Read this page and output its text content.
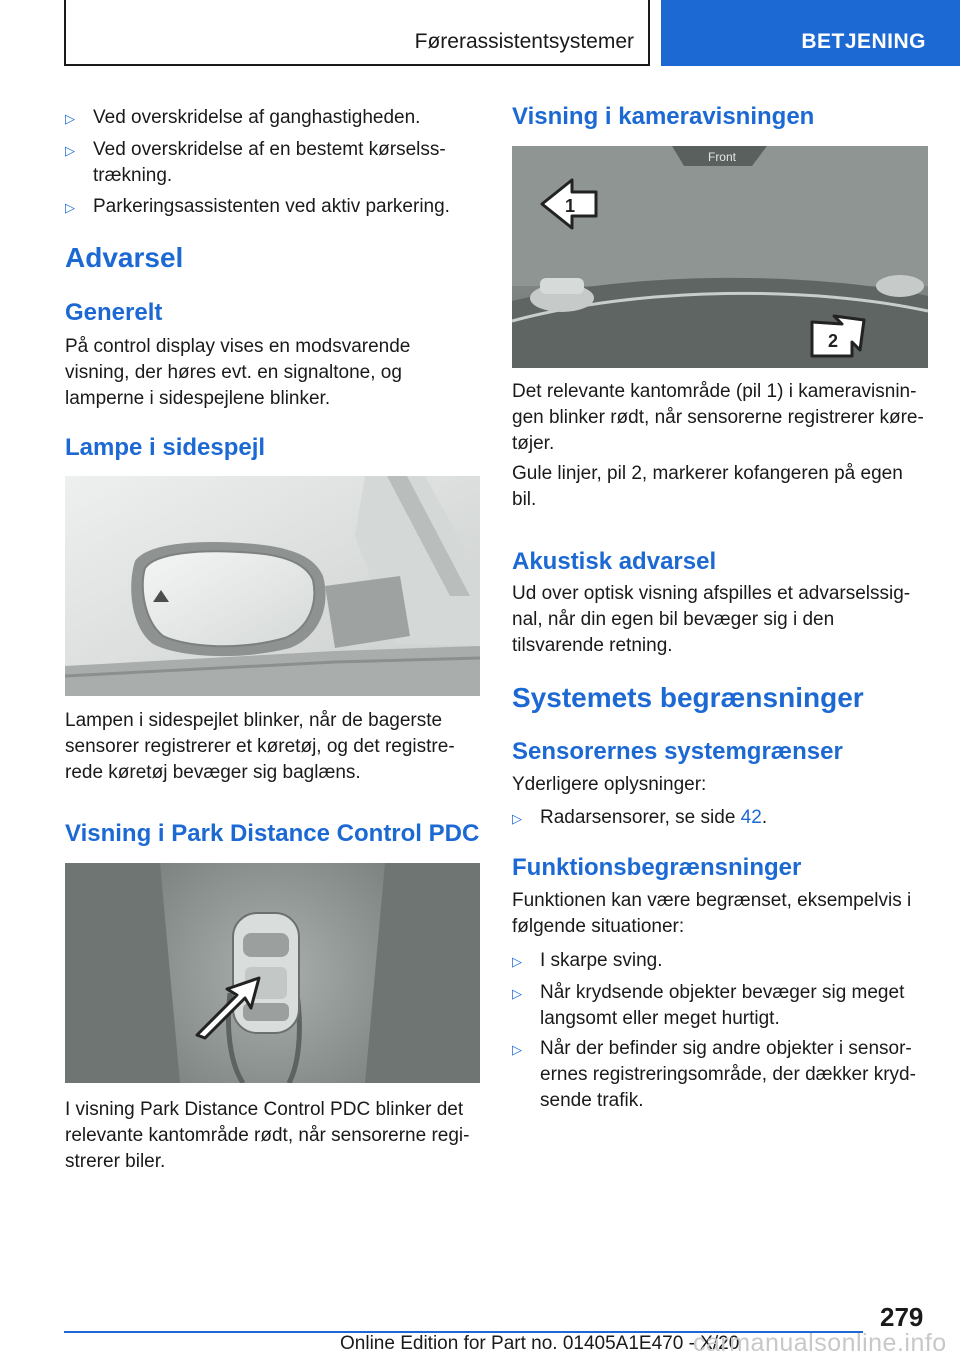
Førerassistentsystemer	BETJENING
▷ Ved overskridelse af ganghastigheden.
▷ Ved overskridelse af en bestemt kørselsstrækning.
▷ Parkeringsassistenten ved aktiv parkering.
Advarsel
Generelt
På control display vises en modsvarende visning, der høres evt. en signaltone, og lamperne i sidespejlene blinker.
Lampe i sidespejl
Lampen i sidespejlet blinker, når de bagerste sensorer registrerer et køretøj, og det registrerede køretøj bevæger sig baglæns.
Visning i Park Distance Control PDC
I visning Park Distance Control PDC blinker det relevante kantområde rødt, når sensorerne registrerer biler.
Visning i kameravisningen
Front
1
2
Det relevante kantområde (pil 1) i kameravisningen blinker rødt, når sensorerne registrerer køretøjer.
Gule linjer, pil 2, markerer kofangeren på egen bil.
Akustisk advarsel
Ud over optisk visning afspilles et advarselssignal, når din egen bil bevæger sig i den tilsvarende retning.
Systemets begrænsninger
Sensorernes systemgrænser
Yderligere oplysninger:
▷ Radarsensorer, se side 42.
Funktionsbegrænsninger
Funktionen kan være begrænset, eksempelvis i følgende situationer:
▷ I skarpe sving.
▷ Når krydsende objekter bevæger sig meget langsomt eller meget hurtigt.
▷ Når der befinder sig andre objekter i sensorernes registreringsområde, der dækker krydsende trafik.
279
Online Edition for Part no. 01405A1E470 - X/20
carmanualsonline.info
